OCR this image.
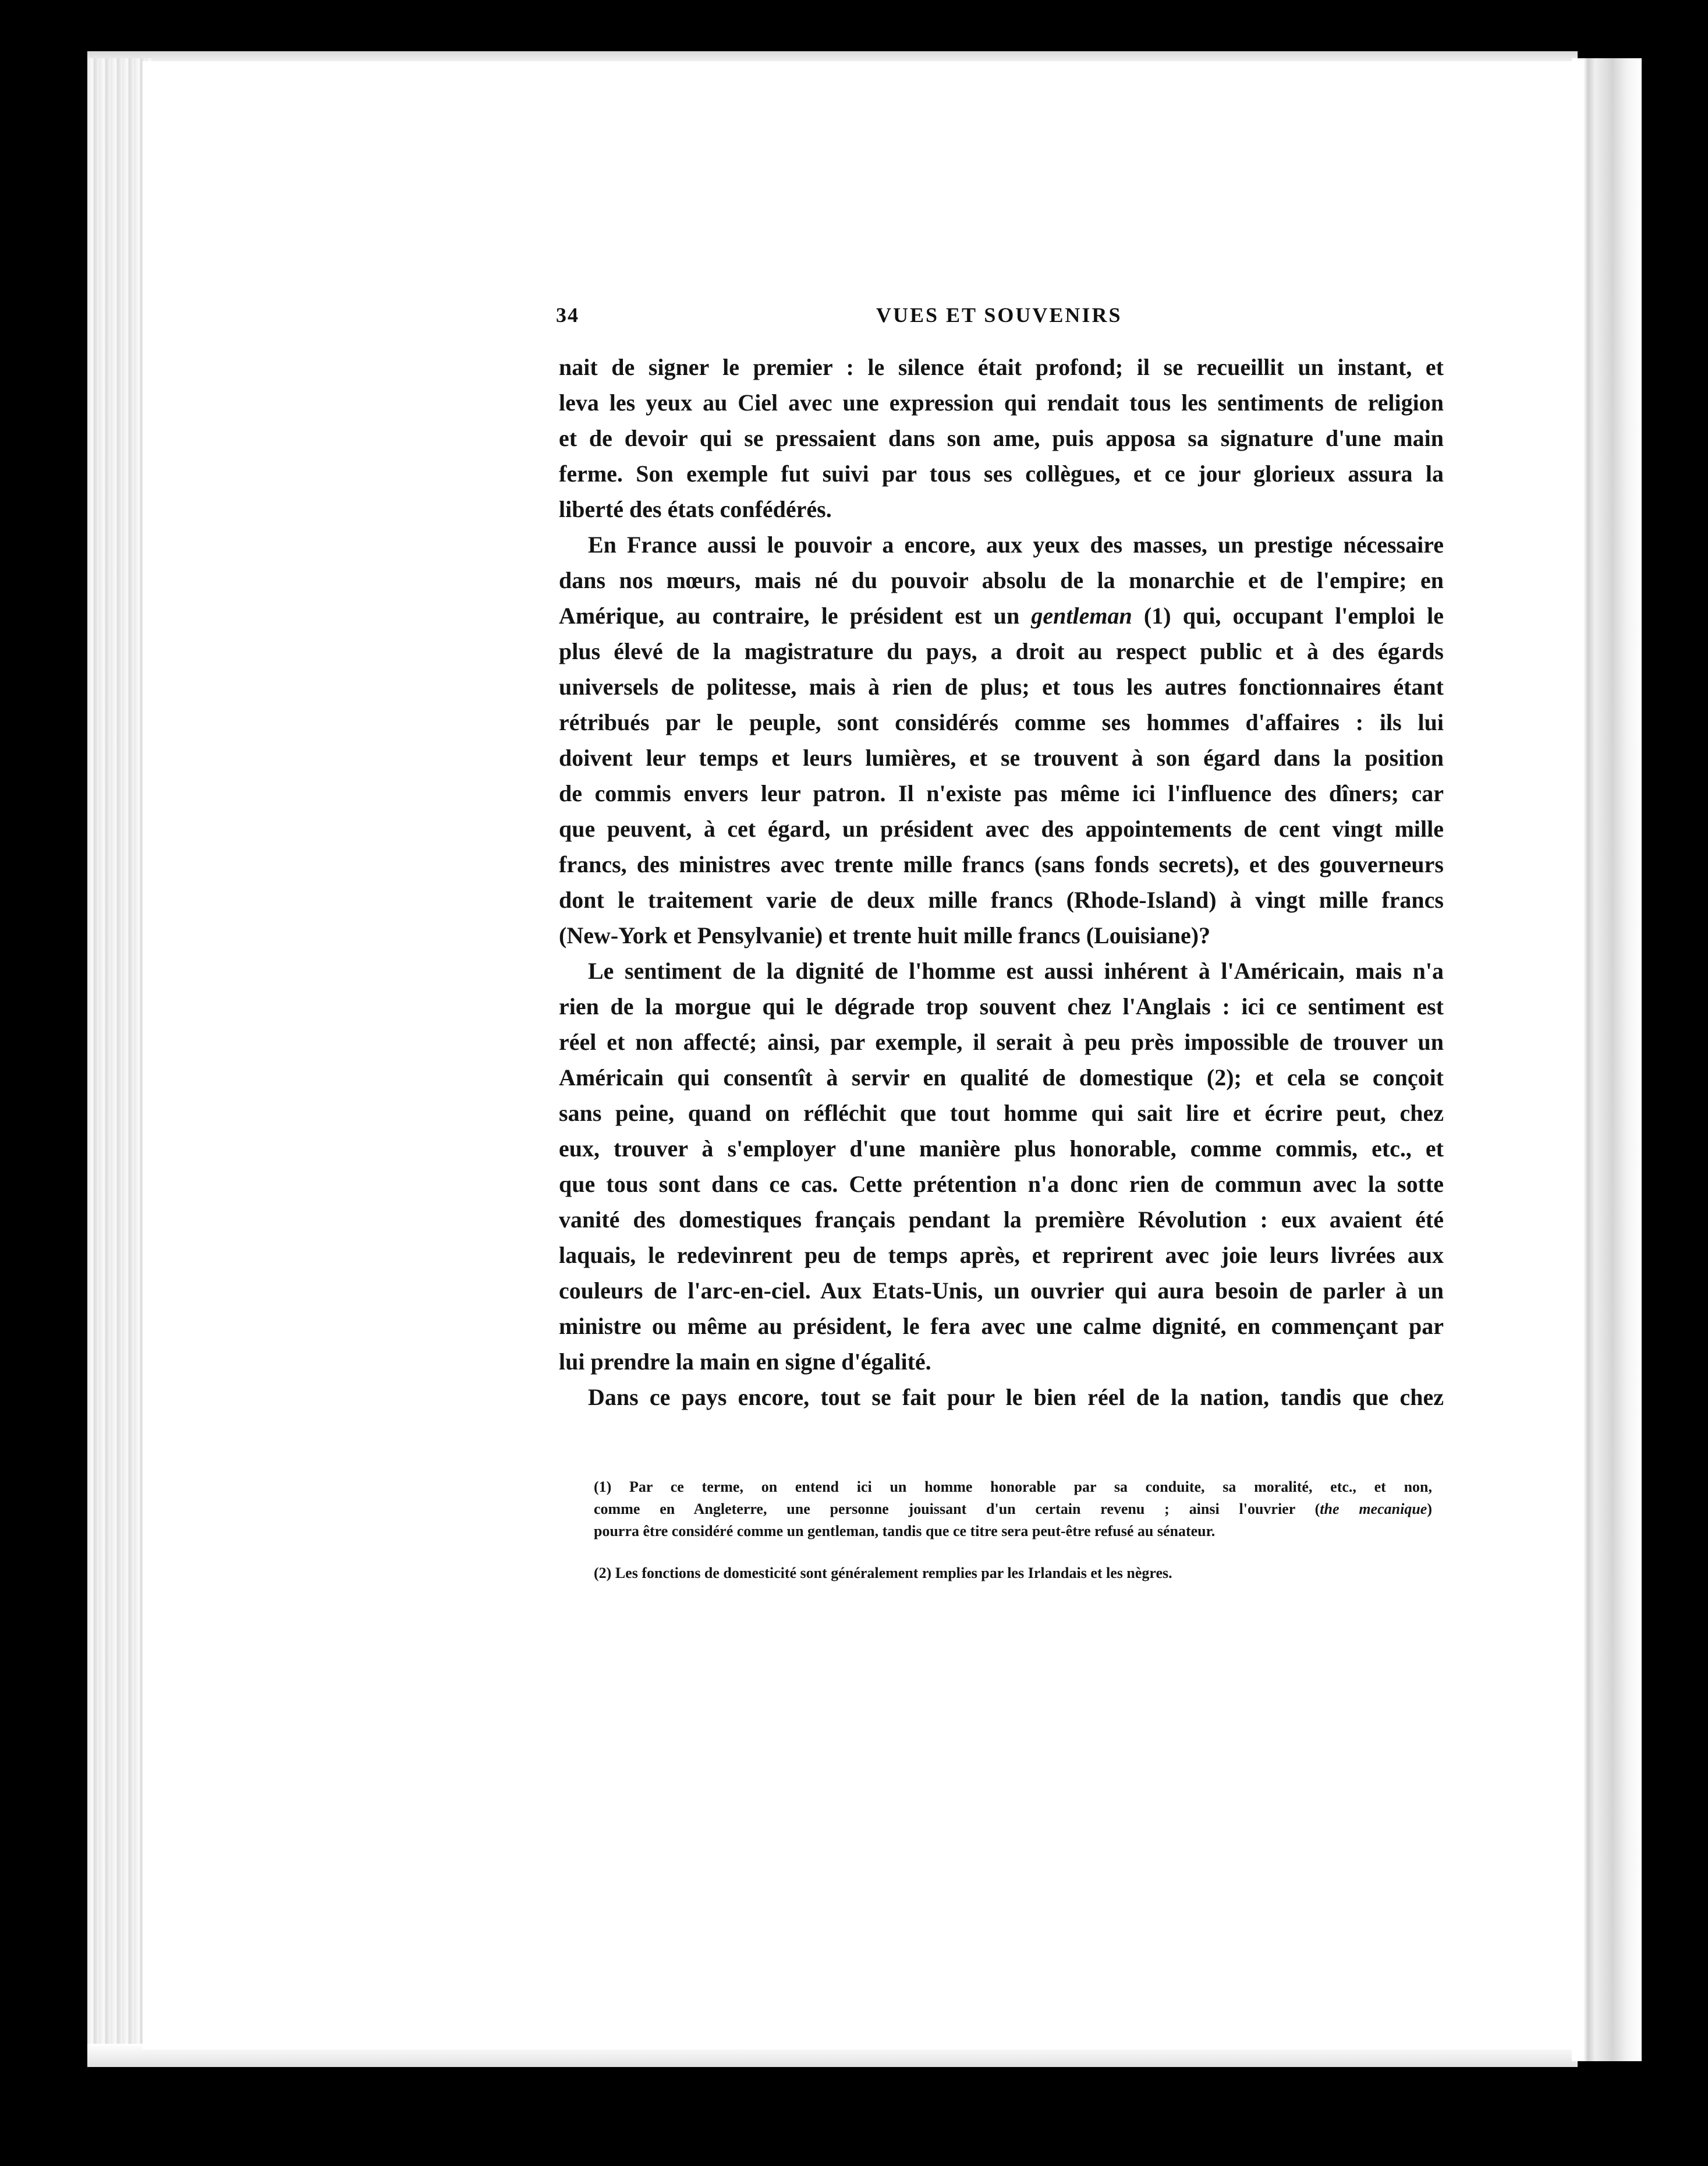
34	VUES ET SOUVENIRS
nait de signer le premier : le silence était profond; il se recueillit un instant, et
leva les yeux au Ciel avec une expression qui rendait tous les sentiments de religion
et de devoir qui se pressaient dans son ame, puis apposa sa signature d'une main
ferme. Son exemple fut suivi par tous ses collègues, et ce jour glorieux assura la
liberté des états confédérés.
En France aussi le pouvoir a encore, aux yeux des masses, un prestige nécessaire
dans nos mœurs, mais né du pouvoir absolu de la monarchie et de l'empire; en
Amérique, au contraire, le président est un gentleman (1) qui, occupant l'emploi le
plus élevé de la magistrature du pays, a droit au respect public et à des égards
universels de politesse, mais à rien de plus; et tous les autres fonctionnaires étant
rétribués par le peuple, sont considérés comme ses hommes d'affaires : ils lui
doivent leur temps et leurs lumières, et se trouvent à son égard dans la position
de commis envers leur patron. Il n'existe pas même ici l'influence des dîners; car
que peuvent, à cet égard, un président avec des appointements de cent vingt mille
francs, des ministres avec trente mille francs (sans fonds secrets), et des gouverneurs
dont le traitement varie de deux mille francs (Rhode-Island) à vingt mille francs
(New-York et Pensylvanie) et trente huit mille francs (Louisiane)?
Le sentiment de la dignité de l'homme est aussi inhérent à l'Américain, mais n'a
rien de la morgue qui le dégrade trop souvent chez l'Anglais : ici ce sentiment est
réel et non affecté; ainsi, par exemple, il serait à peu près impossible de trouver un
Américain qui consentît à servir en qualité de domestique (2); et cela se conçoit
sans peine, quand on réfléchit que tout homme qui sait lire et écrire peut, chez
eux, trouver à s'employer d'une manière plus honorable, comme commis, etc., et
que tous sont dans ce cas. Cette prétention n'a donc rien de commun avec la sotte
vanité des domestiques français pendant la première Révolution : eux avaient été
laquais, le redevinrent peu de temps après, et reprirent avec joie leurs livrées aux
couleurs de l'arc-en-ciel. Aux Etats-Unis, un ouvrier qui aura besoin de parler à un
ministre ou même au président, le fera avec une calme dignité, en commençant par
lui prendre la main en signe d'égalité.
Dans ce pays encore, tout se fait pour le bien réel de la nation, tandis que chez
(1) Par ce terme, on entend ici un homme honorable par sa conduite, sa moralité, etc., et non,
comme en Angleterre, une personne jouissant d'un certain revenu ; ainsi l'ouvrier (the mecanique)
pourra être considéré comme un gentleman, tandis que ce titre sera peut-être refusé au sénateur.
(2) Les fonctions de domesticité sont généralement remplies par les Irlandais et les nègres.
